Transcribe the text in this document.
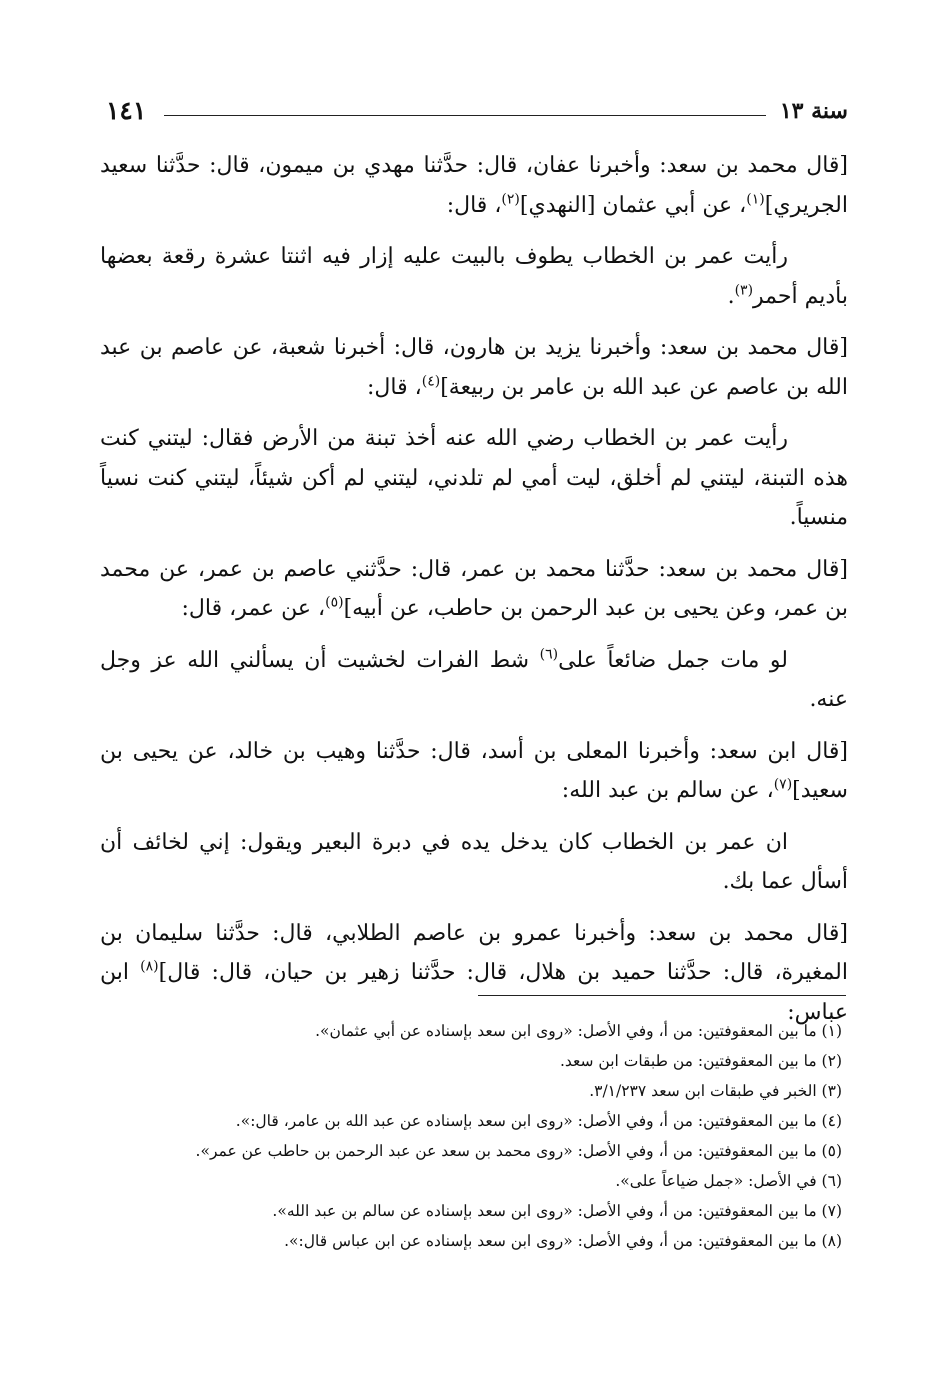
١٤١	سنة ١٣

[قال محمد بن سعد: وأخبرنا عفان، قال: حدَّثنا مهدي بن ميمون، قال: حدَّثنا سعيد الجريري]$^{(١)}$، عن أبي عثمان [النهدي]$^{(٢)}$، قال:

رأيت عمر بن الخطاب يطوف بالبيت عليه إزار فيه اثنتا عشرة رقعة بعضها بأديم أحمر$^{(٣)}$.

[قال محمد بن سعد: وأخبرنا يزيد بن هارون، قال: أخبرنا شعبة، عن عاصم بن عبد الله بن عاصم عن عبد الله بن عامر بن ربيعة]$^{(٤)}$، قال:

رأيت عمر بن الخطاب رضي الله عنه أخذ تبنة من الأرض فقال: ليتني كنت هذه التبنة، ليتني لم أخلق، ليت أمي لم تلدني، ليتني لم أكن شيئاً، ليتني كنت نسياً منسياً.

[قال محمد بن سعد: حدَّثنا محمد بن عمر، قال: حدَّثني عاصم بن عمر، عن محمد بن عمر، وعن يحيى بن عبد الرحمن بن حاطب، عن أبيه]$^{(٥)}$، عن عمر، قال:

لو مات جمل ضائعاً على$^{(٦)}$ شط الفرات لخشيت أن يسألني الله عز وجل عنه.

[قال ابن سعد: وأخبرنا المعلى بن أسد، قال: حدَّثنا وهيب بن خالد، عن يحيى بن سعيد]$^{(٧)}$، عن سالم بن عبد الله:

ان عمر بن الخطاب كان يدخل يده في دبرة البعير ويقول: إني لخائف أن أسأل عما بك.

[قال محمد بن سعد: وأخبرنا عمرو بن عاصم الطلابي، قال: حدَّثنا سليمان بن المغيرة، قال: حدَّثنا حميد بن هلال، قال: حدَّثنا زهير بن حيان، قال: قال]$^{(٨)}$ ابن عباس:

(١) ما بين المعقوفتين: من أ، وفي الأصل: «روى ابن سعد بإسناده عن أبي عثمان».

(٢) ما بين المعقوفتين: من طبقات ابن سعد.

(٣) الخبر في طبقات ابن سعد ٣/١/٢٣٧.

(٤) ما بين المعقوفتين: من أ، وفي الأصل: «روى ابن سعد بإسناده عن عبد الله بن عامر، قال:».

(٥) ما بين المعقوفتين: من أ، وفي الأصل: «روى محمد بن سعد عن عبد الرحمن بن حاطب عن عمر».

(٦) في الأصل: «جمل ضياعاً على».

(٧) ما بين المعقوفتين: من أ، وفي الأصل: «روى ابن سعد بإسناده عن سالم بن عبد الله».

(٨) ما بين المعقوفتين: من أ، وفي الأصل: «روى ابن سعد بإسناده عن ابن عباس قال:».
